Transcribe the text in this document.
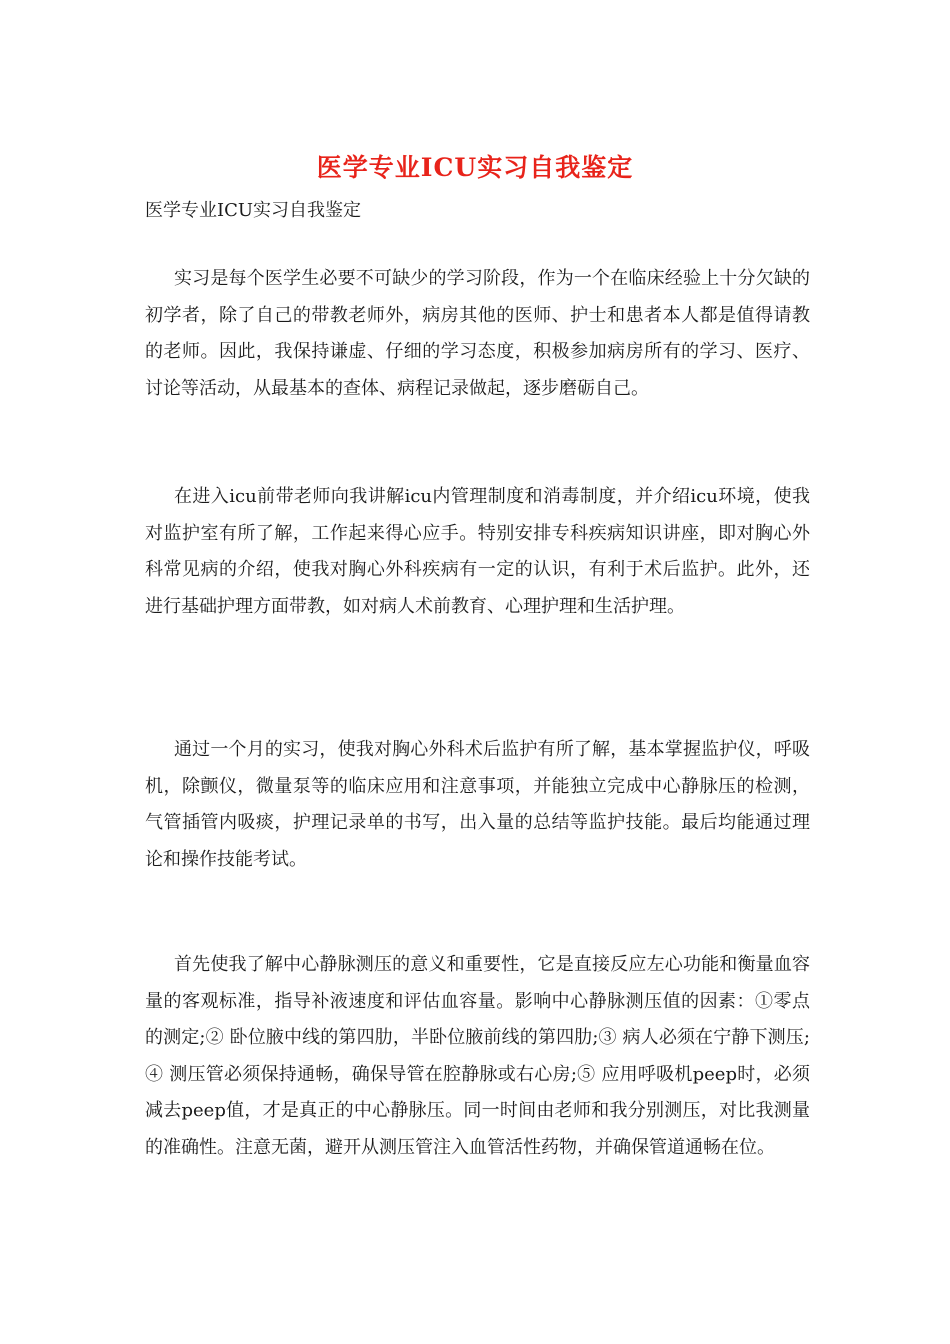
医学专业ICU实习自我鉴定
医学专业ICU实习自我鉴定

实习是每个医学生必要不可缺少的学习阶段，作为一个在临床经验上十分欠缺的初学者，除了自己的带教老师外，病房其他的医师、护士和患者本人都是值得请教的老师。因此，我保持谦虚、仔细的学习态度，积极参加病房所有的学习、医疗、讨论等活动，从最基本的查体、病程记录做起，逐步磨砺自己。

在进入icu前带老师向我讲解icu内管理制度和消毒制度，并介绍icu环境，使我对监护室有所了解，工作起来得心应手。特别安排专科疾病知识讲座，即对胸心外科常见病的介绍，使我对胸心外科疾病有一定的认识，有利于术后监护。此外，还进行基础护理方面带教，如对病人术前教育、心理护理和生活护理。

通过一个月的实习，使我对胸心外科术后监护有所了解，基本掌握监护仪，呼吸机，除颤仪，微量泵等的临床应用和注意事项，并能独立完成中心静脉压的检测，气管插管内吸痰，护理记录单的书写，出入量的总结等监护技能。最后均能通过理论和操作技能考试。

首先使我了解中心静脉测压的意义和重要性，它是直接反应左心功能和衡量血容量的客观标准，指导补液速度和评估血容量。影响中心静脉测压值的因素：①零点的测定;② 卧位腋中线的第四肋，半卧位腋前线的第四肋;③ 病人必须在宁静下测压;④ 测压管必须保持通畅，确保导管在腔静脉或右心房;⑤ 应用呼吸机peep时，必须减去peep值，才是真正的中心静脉压。同一时间由老师和我分别测压，对比我测量的准确性。注意无菌，避开从测压管注入血管活性药物，并确保管道通畅在位。
